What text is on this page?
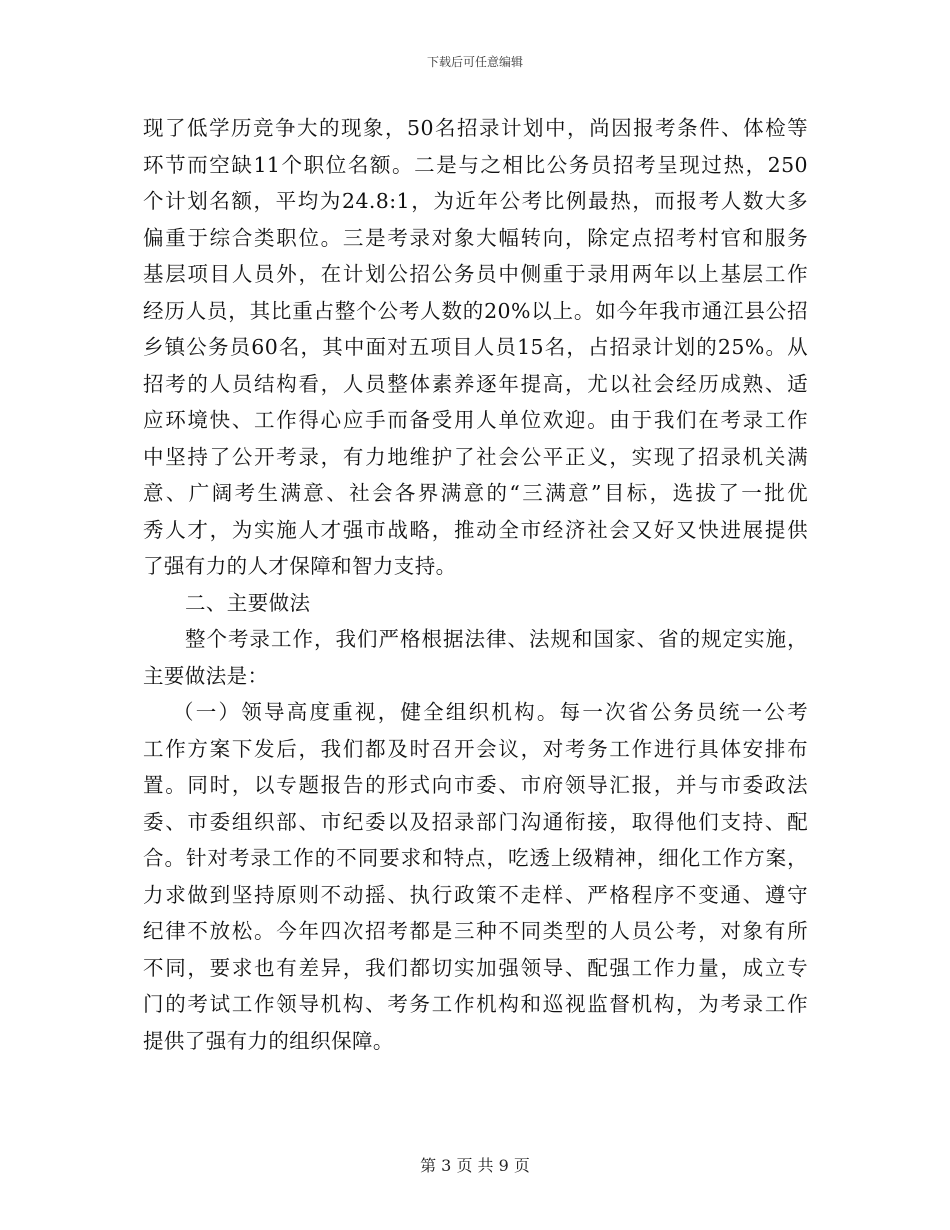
下载后可任意编辑
现了低学历竞争大的现象，50名招录计划中，尚因报考条件、体检等
环节而空缺11个职位名额。二是与之相比公务员招考呈现过热，250
个计划名额，平均为24.8:1，为近年公考比例最热，而报考人数大多
偏重于综合类职位。三是考录对象大幅转向，除定点招考村官和服务
基层项目人员外，在计划公招公务员中侧重于录用两年以上基层工作
经历人员，其比重占整个公考人数的20%以上。如今年我市通江县公招
乡镇公务员60名，其中面对五项目人员15名，占招录计划的25%。从
招考的人员结构看，人员整体素养逐年提高，尤以社会经历成熟、适
应环境快、工作得心应手而备受用人单位欢迎。由于我们在考录工作
中坚持了公开考录，有力地维护了社会公平正义，实现了招录机关满
意、广阔考生满意、社会各界满意的“三满意”目标，选拔了一批优
秀人才，为实施人才强市战略，推动全市经济社会又好又快进展提供
了强有力的人才保障和智力支持。
二、主要做法
整个考录工作，我们严格根据法律、法规和国家、省的规定实施，
主要做法是：
（一）领导高度重视，健全组织机构。每一次省公务员统一公考
工作方案下发后，我们都及时召开会议，对考务工作进行具体安排布
置。同时，以专题报告的形式向市委、市府领导汇报，并与市委政法
委、市委组织部、市纪委以及招录部门沟通衔接，取得他们支持、配
合。针对考录工作的不同要求和特点，吃透上级精神，细化工作方案，
力求做到坚持原则不动摇、执行政策不走样、严格程序不变通、遵守
纪律不放松。今年四次招考都是三种不同类型的人员公考，对象有所
不同，要求也有差异，我们都切实加强领导、配强工作力量，成立专
门的考试工作领导机构、考务工作机构和巡视监督机构，为考录工作
提供了强有力的组织保障。
第 3 页 共 9 页
